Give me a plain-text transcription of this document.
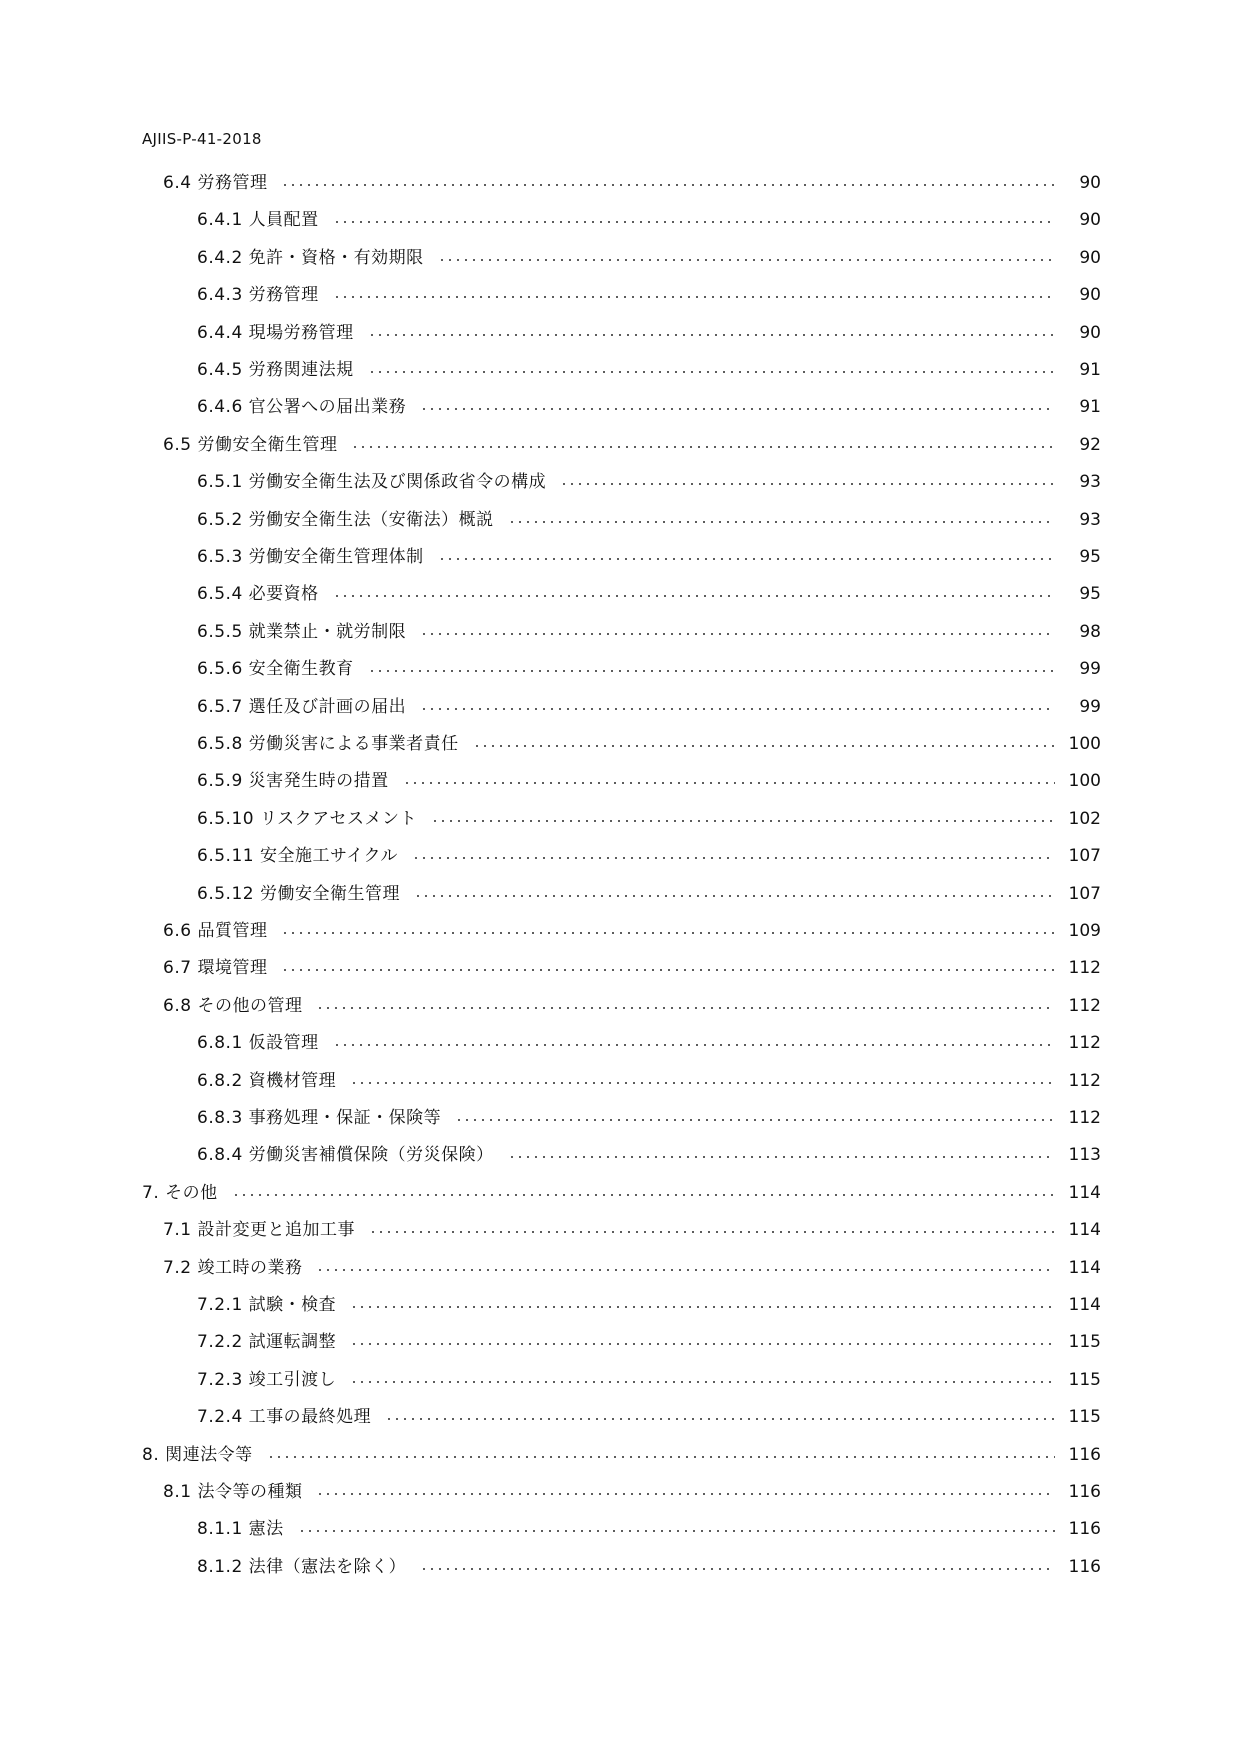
AJIIS-P-41-2018
6.4 労務管理	90
6.4.1 人員配置	90
6.4.2 免許・資格・有効期限	90
6.4.3 労務管理	90
6.4.4 現場労務管理	90
6.4.5 労務関連法規	91
6.4.6 官公署への届出業務	91
6.5 労働安全衛生管理	92
6.5.1 労働安全衛生法及び関係政省令の構成	93
6.5.2 労働安全衛生法（安衛法）概説	93
6.5.3 労働安全衛生管理体制	95
6.5.4 必要資格	95
6.5.5 就業禁止・就労制限	98
6.5.6 安全衛生教育	99
6.5.7 選任及び計画の届出	99
6.5.8 労働災害による事業者責任	100
6.5.9 災害発生時の措置	100
6.5.10 リスクアセスメント	102
6.5.11 安全施工サイクル	107
6.5.12 労働安全衛生管理	107
6.6 品質管理	109
6.7 環境管理	112
6.8 その他の管理	112
6.8.1 仮設管理	112
6.8.2 資機材管理	112
6.8.3 事務処理・保証・保険等	112
6.8.4 労働災害補償保険（労災保険）	113
7. その他	114
7.1 設計変更と追加工事	114
7.2 竣工時の業務	114
7.2.1 試験・検査	114
7.2.2 試運転調整	115
7.2.3 竣工引渡し	115
7.2.4 工事の最終処理	115
8. 関連法令等	116
8.1 法令等の種類	116
8.1.1 憲法	116
8.1.2 法律（憲法を除く）	116
